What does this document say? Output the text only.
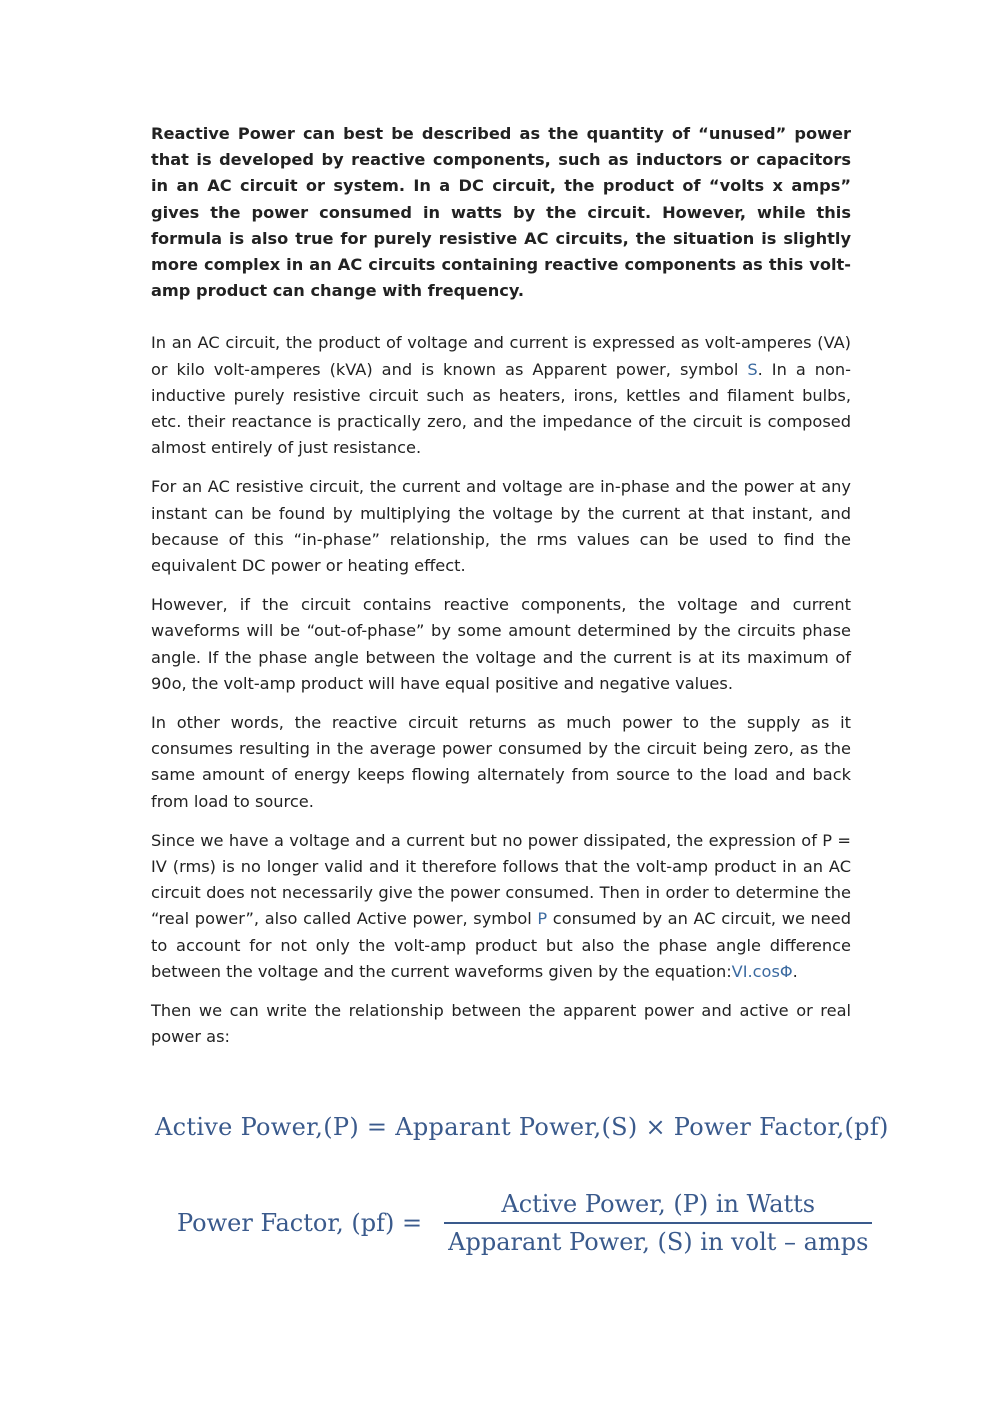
Reactive Power can best be described as the quantity of “unused” power that is developed by reactive components, such as inductors or capacitors in an AC circuit or system. In a DC circuit, the product of “volts x amps” gives the power consumed in watts by the circuit. However, while this formula is also true for purely resistive AC circuits, the situation is slightly more complex in an AC circuits containing reactive components as this volt-amp product can change with frequency.

In an AC circuit, the product of voltage and current is expressed as volt-amperes (VA) or kilo volt-amperes (kVA) and is known as Apparent power, symbol S. In a non-inductive purely resistive circuit such as heaters, irons, kettles and filament bulbs, etc. their reactance is practically zero, and the impedance of the circuit is composed almost entirely of just resistance.

For an AC resistive circuit, the current and voltage are in-phase and the power at any instant can be found by multiplying the voltage by the current at that instant, and because of this “in-phase” relationship, the rms values can be used to find the equivalent DC power or heating effect.

However, if the circuit contains reactive components, the voltage and current waveforms will be “out-of-phase” by some amount determined by the circuits phase angle. If the phase angle between the voltage and the current is at its maximum of 90o, the volt-amp product will have equal positive and negative values.

In other words, the reactive circuit returns as much power to the supply as it consumes resulting in the average power consumed by the circuit being zero, as the same amount of energy keeps flowing alternately from source to the load and back from load to source.

Since we have a voltage and a current but no power dissipated, the expression of P = IV (rms) is no longer valid and it therefore follows that the volt-amp product in an AC circuit does not necessarily give the power consumed. Then in order to determine the “real power”, also called Active power, symbol P consumed by an AC circuit, we need to account for not only the volt-amp product but also the phase angle difference between the voltage and the current waveforms given by the equation:VI.cosΦ.

Then we can write the relationship between the apparent power and active or real power as:

Active Power,(P) = Apparant Power,(S) × Power Factor,(pf)
Power Factor, $(pf) = \frac{\text{Active Power, (P) in Watts}}{\text{Apparant Power, (S) in volt – amps}}$
